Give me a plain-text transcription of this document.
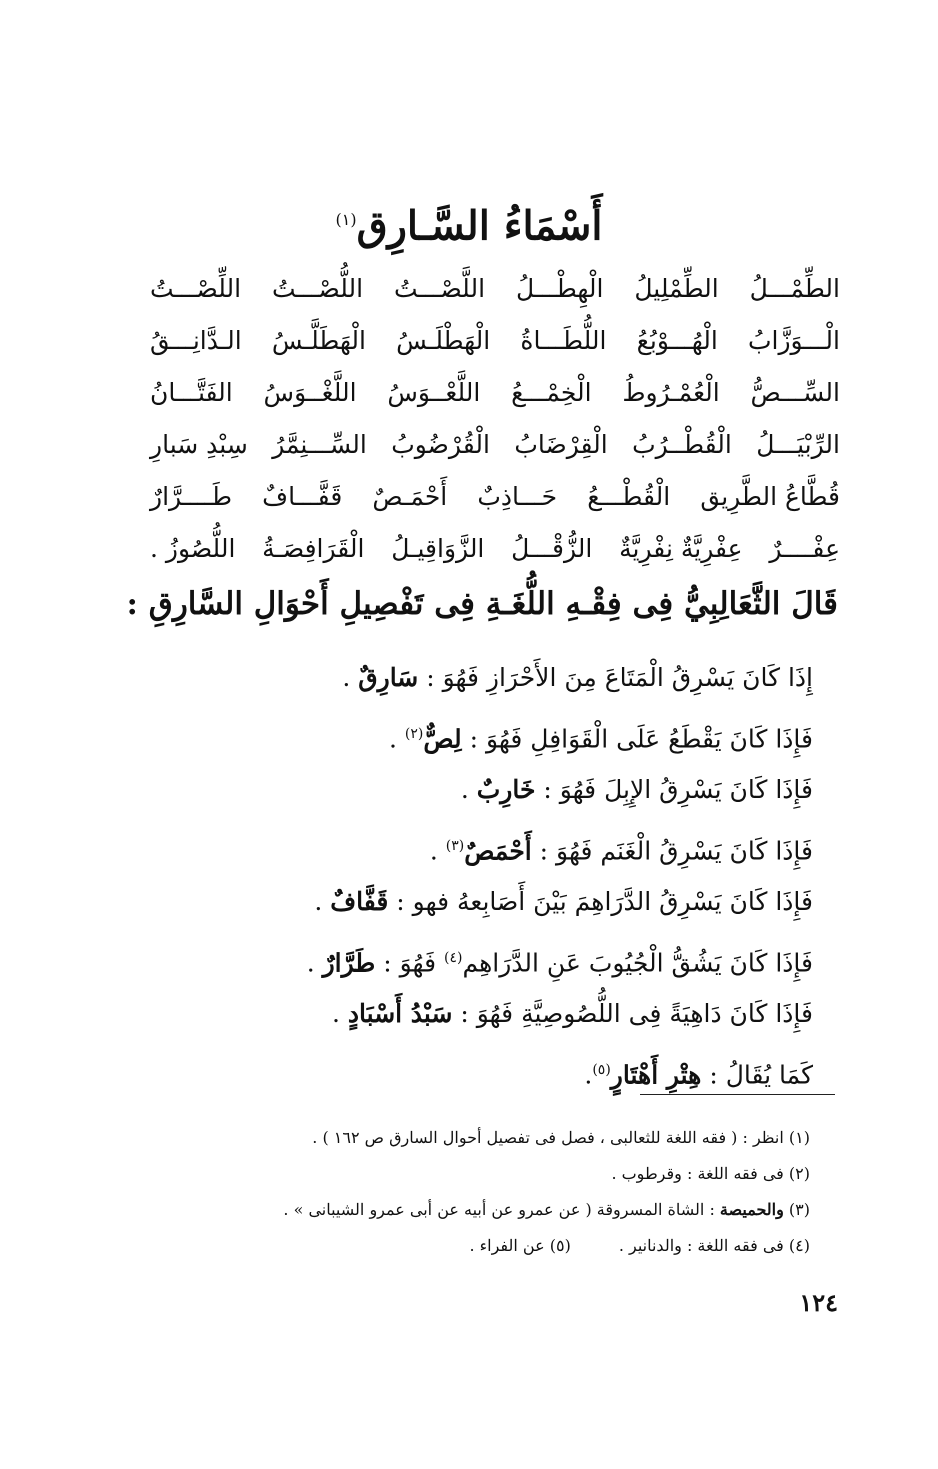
أَسْمَاءُ السَّـارِق$^{(١)}$
الطِّمْـــلُ
الطِّمْلِيلُ
الْهِطْـــلُ
اللَّصْـــتُ
اللُّصْـــتُ
اللِّصْـــتُ
الْـــوَزَّابُ
الْهُـــوْبُعُ
اللُّطَـــاةُ
الْهَطْلَـسُ
الْهَطَلَّـسُ
الـدَّانِـــقُ
السِّـــصُّ
الْعُمْـرُوطُ
الْخِمْـــعُ
اللَّعْــوَسُ
اللَّغْــوَسُ
الفَتَّـــانُ
الرِّبْيَـــلُ
الْقُطْــرُبُ
الْقِرْضَابُ
الْقُرْضُوبُ
السِّـــنِمَّرُ
سِبْدِ سَبارِ
قُطَّاعُ الطَّرِيق
الْقُطْـــعُ
حَـــاذِبٌ
أَحْمَـصٌ
قَفَّـــافٌ
طَــــرَّارٌ
عِفْــــرٌ
عِفْرِيَّةٌ نِفْرِيَّةٌ
الزُّقْـــلُ
الزَّوَاقِيـلُ
الْقَرَافِصَـةُ
اللُّصُوزُ .
قَالَ الثَّعَالِبِيُّ فِى فِقْـهِ اللُّغَـةِ فِى تَفْصِيلِ أَحْوَالِ السَّارِقِ :
إِذَا كَانَ يَسْرِقُ الْمَتَاعَ مِنَ الأَحْرَازِ فَهُوَ : سَارِقٌ .
فَإِذَا كَانَ يَقْطَعُ عَلَى الْقَوَافِلِ فَهُوَ : لِصٌّ$^{(٢)}$ .
فَإِذَا كَانَ يَسْرِقُ الإِبِلَ فَهُوَ : خَارِبٌ .
فَإِذَا كَانَ يَسْرِقُ الْغَنَم فَهُوَ : أَحْمَصٌ$^{(٣)}$ .
فَإِذَا كَانَ يَسْرِقُ الدَّرَاهِمَ بَيْنَ أَصَابِعهُ فهو : قَفَّافٌ .
فَإِذَا كَانَ يَشُقُّ الْجُيُوبَ عَنِ الدَّرَاهِم$^{(٤)}$ فَهُوَ : طَرَّارٌ .
فَإِذَا كَانَ دَاهِيَةً فِى اللُّصُوصِيَّةِ فَهُوَ : سَبْدُ أَسْبَادٍ .
كَمَا يُقَالُ : هِتْرِ أَهْتَارٍ$^{(٥)}$.
(١) انظر : ( فقه اللغة للثعالبى ، فصل فى تفصيل أحوال السارق ص ١٦٢ ) .
(٢) فى فقه اللغة : وقرطوب .
(٣) والحميصة : الشاة المسروقة ( عن عمرو عن أبيه عن أبى عمرو الشيبانى » .
(٤) فى فقه اللغة : والدنانير .(٥) عن الفراء .
١٢٤
